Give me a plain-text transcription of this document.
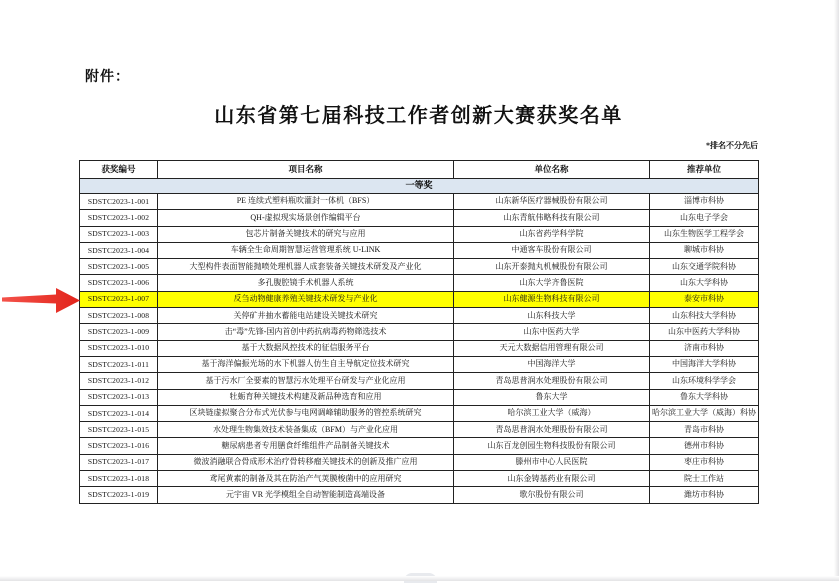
附件：
山东省第七届科技工作者创新大赛获奖名单
*排名不分先后
获奖编号	项目名称	单位名称	推荐单位
一等奖			
SDSTC2023-1-001	PE 连续式塑料瓶吹灌封一体机（BFS）	山东新华医疗器械股份有限公司	淄博市科协
SDSTC2023-1-002	QH-虚拟现实场景创作编辑平台	山东青航伟略科技有限公司	山东电子学会
SDSTC2023-1-003	包芯片制备关键技术的研究与应用	山东省药学科学院	山东生物医学工程学会
SDSTC2023-1-004	车辆全生命周期智慧运营管理系统 U-LINK	中通客车股份有限公司	聊城市科协
SDSTC2023-1-005	大型构件表面智能抛喷处理机器人成套装备关键技术研发及产业化	山东开泰抛丸机械股份有限公司	山东交通学院科协
SDSTC2023-1-006	多孔腹腔镜手术机器人系统	山东大学齐鲁医院	山东大学科协
SDSTC2023-1-007	反刍动物健康养殖关键技术研发与产业化	山东健源生物科技有限公司	泰安市科协
SDSTC2023-1-008	关停矿井抽水蓄能电站建设关键技术研究	山东科技大学	山东科技大学科协
SDSTC2023-1-009	击“毒”先锋-国内首创中药抗病毒药物筛选技术	山东中医药大学	山东中医药大学科协
SDSTC2023-1-010	基于大数据风控技术的征信服务平台	天元大数据信用管理有限公司	济南市科协
SDSTC2023-1-011	基于海洋偏振光场的水下机器人仿生自主导航定位技术研究	中国海洋大学	中国海洋大学科协
SDSTC2023-1-012	基于污水厂全要素的智慧污水处理平台研发与产业化应用	青岛思普润水处理股份有限公司	山东环境科学学会
SDSTC2023-1-013	牡蛎育种关键技术构建及新品种选育和应用	鲁东大学	鲁东大学科协
SDSTC2023-1-014	区块链虚拟聚合分布式光伏参与电网调峰辅助服务的管控系统研究	哈尔滨工业大学（威海）	哈尔滨工业大学（威海）科协
SDSTC2023-1-015	水处理生物集效技术装备集成（BFM）与产业化应用	青岛思普润水处理股份有限公司	青岛市科协
SDSTC2023-1-016	糖尿病患者专用膳食纤维组件产品制备关键技术	山东百龙创园生物科技股份有限公司	德州市科协
SDSTC2023-1-017	微波消融联合骨成形术治疗骨转移瘤关键技术的创新及推广应用	滕州市中心人民医院	枣庄市科协
SDSTC2023-1-018	鸢尾黄素的制备及其在防治产气荚膜梭菌中的应用研究	山东金铸基药业有限公司	院士工作站
SDSTC2023-1-019	元宇宙 VR 光学模组全自动智能制造高端设备	歌尔股份有限公司	潍坊市科协
